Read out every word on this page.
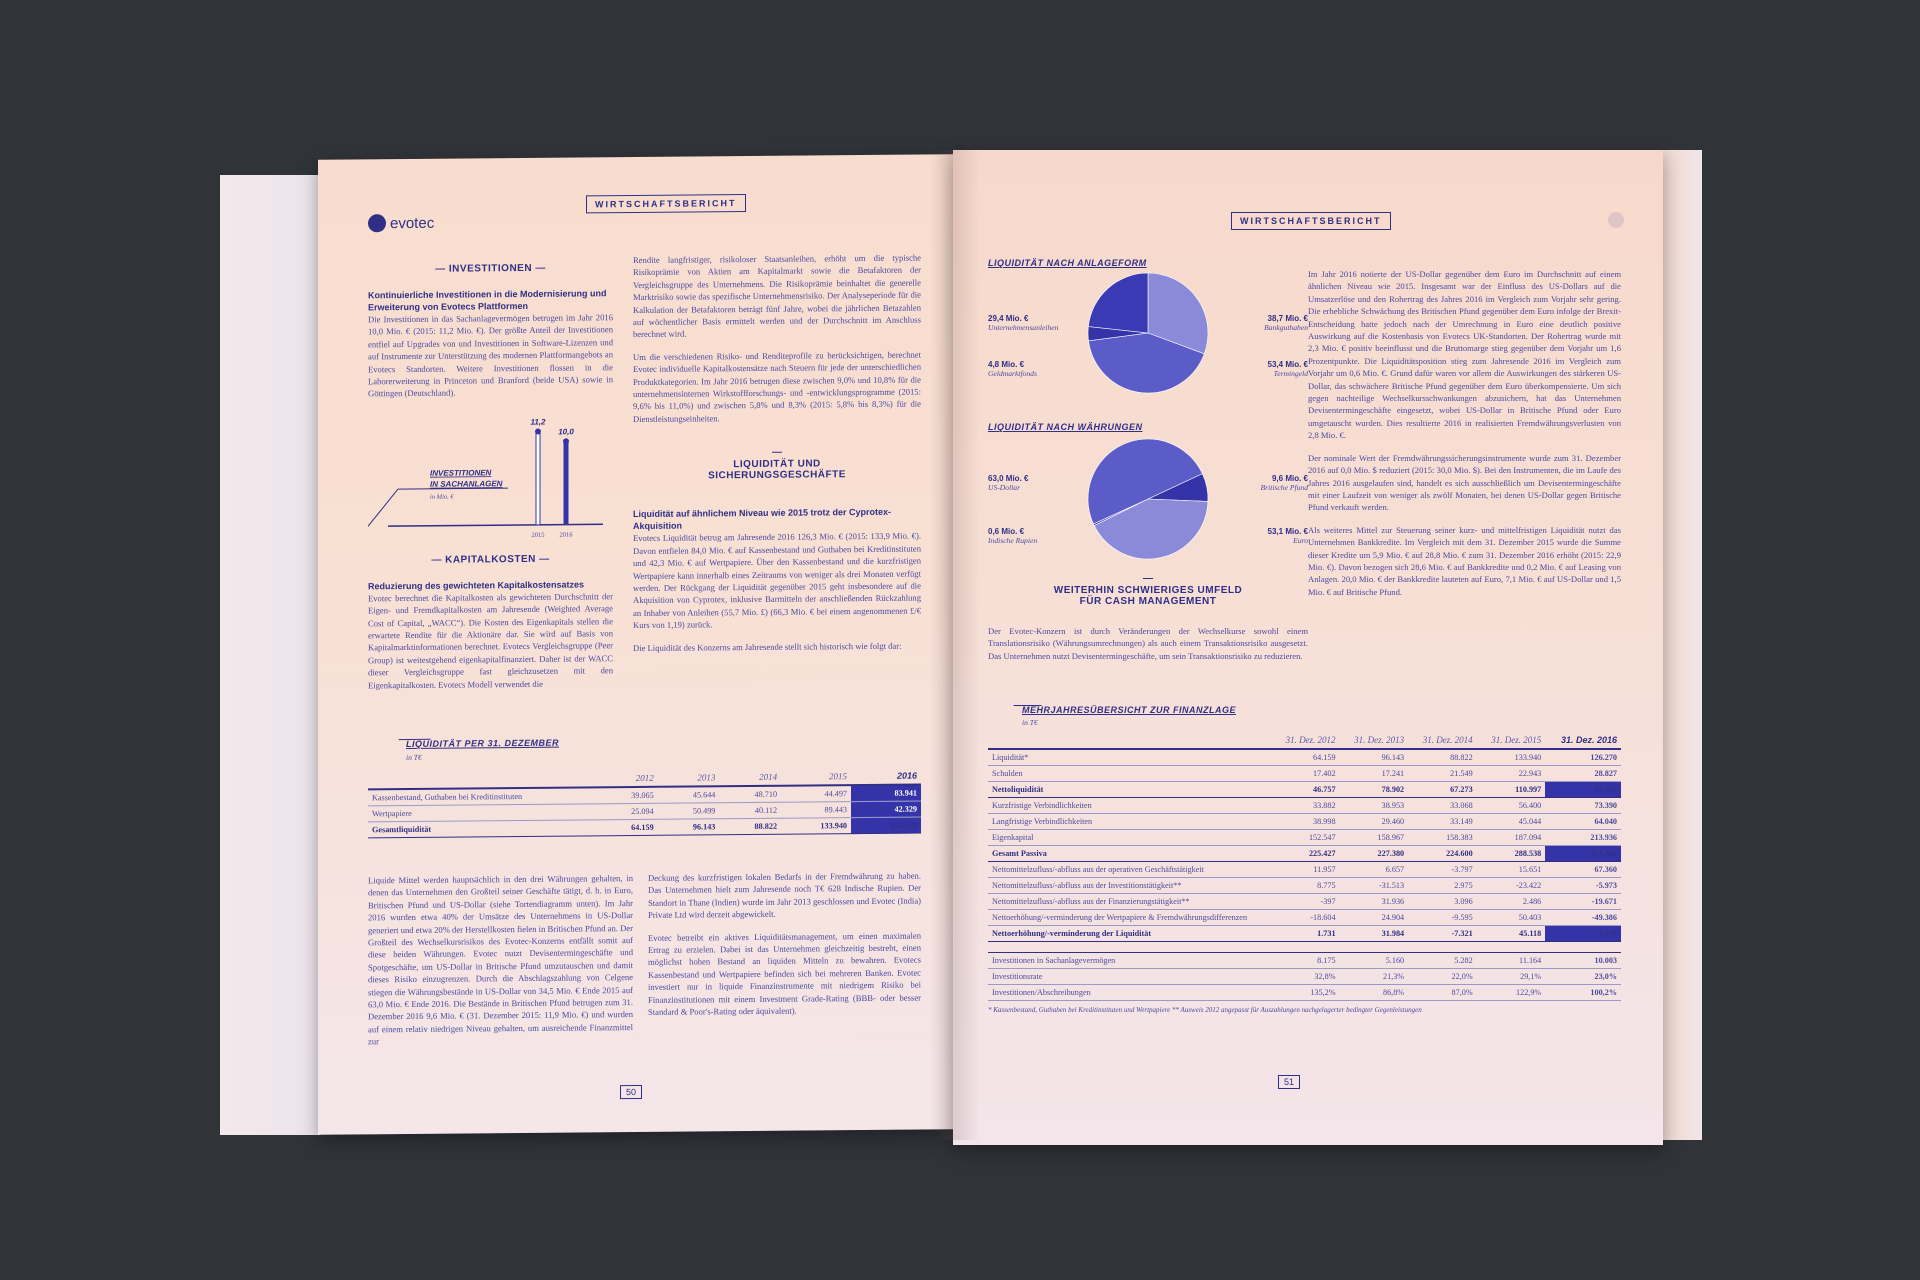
evotec
WIRTSCHAFTSBERICHT
— INVESTITIONEN —
Kontinuierliche Investitionen in die Modernisierung und Erweiterung von Evotecs Plattformen
Die Investitionen in das Sachanlagevermögen betrugen im Jahr 2016 10,0 Mio. € (2015: 11,2 Mio. €). Der größte Anteil der Investitionen entfiel auf Upgrades von und Investitionen in Software-Lizenzen und auf Instrumente zur Unterstützung des modernen Plattformangebots an Evotecs Standorten. Weitere Investitionen flossen in die Laborerweiterung in Princeton und Branford (beide USA) sowie in Göttingen (Deutschland).
INVESTITIONEN
IN SACHANLAGEN
in Mio. €
11,2
2015
10,0
2016
— KAPITALKOSTEN —
Reduzierung des gewichteten Kapitalkostensatzes
Evotec berechnet die Kapitalkosten als gewichteten Durchschnitt der Eigen- und Fremdkapitalkosten am Jahresende (Weighted Average Cost of Capital, „WACC“). Die Kosten des Eigenkapitals stellen die erwartete Rendite für die Aktionäre dar. Sie wird auf Basis von Kapitalmarktinformationen berechnet. Evotecs Vergleichsgruppe (Peer Group) ist weitestgehend eigenkapitalfinanziert. Daher ist der WACC dieser Vergleichsgruppe fast gleichzusetzen mit den Eigenkapitalkosten. Evotecs Modell verwendet die
Rendite langfristiger, risikoloser Staatsanleihen, erhöht um die typische Risikoprämie von Aktien am Kapitalmarkt sowie die Betafaktoren der Vergleichsgruppe des Unternehmens. Die Risikoprämie beinhaltet die generelle Marktrisiko sowie das spezifische Unternehmensrisiko. Der Analyseperiode für die Kalkulation der Betafaktoren beträgt fünf Jahre, wobei die jährlichen Betazahlen auf wöchentlicher Basis ermittelt werden und der Durchschnitt im Anschluss berechnet wird.
Um die verschiedenen Risiko- und Renditeprofile zu berücksichtigen, berechnet Evotec individuelle Kapitalkostensätze nach Steuern für jede der unterschiedlichen Produktkategorien. Im Jahr 2016 betrugen diese zwischen 9,0% und 10,8% für die unternehmensinternen Wirkstoffforschungs- und -entwicklungsprogramme (2015: 9,6% bis 11,0%) und zwischen 5,8% und 8,3% (2015: 5,8% bis 8,3%) für die Dienstleistungseinheiten.
LIQUIDITÄT UND
SICHERUNGSGESCHÄFTE
Liquidität auf ähnlichem Niveau wie 2015 trotz der Cyprotex-Akquisition
Evotecs Liquidität betrug am Jahresende 2016 126,3 Mio. € (2015: 133,9 Mio. €). Davon entfielen 84,0 Mio. € auf Kassenbestand und Guthaben bei Kreditinstituten und 42,3 Mio. € auf Wertpapiere. Über den Kassenbestand und die kurzfristigen Wertpapiere kann innerhalb eines Zeitraums von weniger als drei Monaten verfügt werden. Der Rückgang der Liquidität gegenüber 2015 geht insbesondere auf die Akquisition von Cyprotex, inklusive Barmitteln der anschließenden Rückzahlung an Inhaber von Anleihen (55,7 Mio. £) (66,3 Mio. € bei einem angenommenen £/€ Kurs von 1,19) zurück.
Die Liquidität des Konzerns am Jahresende stellt sich historisch wie folgt dar:
LIQUIDITÄT PER 31. DEZEMBER
in T€
	2012	2013	2014	2015	2016
Kassenbestand, Guthaben bei Kreditinstituten	39.065	45.644	48.710	44.497	83.941
Wertpapiere	25.094	50.499	40.112	89.443	42.329
Gesamtliquidität	64.159	96.143	88.822	133.940	126.270
Liquide Mittel werden hauptsächlich in den drei Währungen gehalten, in denen das Unternehmen den Großteil seiner Geschäfte tätigt, d. h. in Euro, Britischen Pfund und US-Dollar (siehe Tortendiagramm unten). Im Jahr 2016 wurden etwa 40% der Umsätze des Unternehmens in US-Dollar generiert und etwa 20% der Herstellkosten fielen in Britischen Pfund an. Der Großteil des Wechselkursrisikos des Evotec-Konzerns entfällt somit auf diese beiden Währungen. Evotec nutzt Devisentermingeschäfte und Spotgeschäfte, um US-Dollar in Britische Pfund umzutauschen und damit dieses Risiko einzugrenzen. Durch die Abschlagszahlung von Celgene stiegen die Währungsbestände in US-Dollar von 34,5 Mio. € Ende 2015 auf 63,0 Mio. € Ende 2016. Die Bestände in Britischen Pfund betrugen zum 31. Dezember 2016 9,6 Mio. € (31. Dezember 2015: 11,9 Mio. €) und wurden auf einem relativ niedrigen Niveau gehalten, um ausreichende Finanzmittel zur
Deckung des kurzfristigen lokalen Bedarfs in der Fremdwährung zu haben. Das Unternehmen hielt zum Jahresende noch T€ 628 Indische Rupien. Der Standort in Thane (Indien) wurde im Jahr 2013 geschlossen und Evotec (India) Private Ltd wird derzeit abgewickelt.
Evotec betreibt ein aktives Liquiditätsmanagement, um einen maximalen Ertrag zu erzielen. Dabei ist das Unternehmen gleichzeitig bestrebt, einen möglichst hohen Bestand an liquiden Mitteln zu bewahren. Evotecs Kassenbestand und Wertpapiere befinden sich bei mehreren Banken. Evotec investiert nur in liquide Finanzinstrumente mit niedrigem Risiko bei Finanzinstitutionen mit einem Investment Grade-Rating (BBB- oder besser Standard & Poor's-Rating oder äquivalent).
50
WIRTSCHAFTSBERICHT
LIQUIDITÄT NACH ANLAGEFORM
29,4 Mio. €
Unternehmensanleihen
4,8 Mio. €
Geldmarktfonds
38,7 Mio. €
Bankguthaben
53,4 Mio. €
Termingeld
LIQUIDITÄT NACH WÄHRUNGEN
63,0 Mio. €
US-Dollar
0,6 Mio. €
Indische Rupien
9,6 Mio. €
Britische Pfund
53,1 Mio. €
Euro
WEITERHIN SCHWIERIGES UMFELD
FÜR CASH MANAGEMENT
Der Evotec-Konzern ist durch Veränderungen der Wechselkurse sowohl einem Translationsrisiko (Währungsumrechnungen) als auch einem Transaktionsrisiko ausgesetzt. Das Unternehmen nutzt Devisentermingeschäfte, um sein Transaktionsrisiko zu reduzieren.
Im Jahr 2016 notierte der US-Dollar gegenüber dem Euro im Durchschnitt auf einem ähnlichen Niveau wie 2015. Insgesamt war der Einfluss des US-Dollars auf die Umsatzerlöse und den Rohertrag des Jahres 2016 im Vergleich zum Vorjahr sehr gering. Die erhebliche Schwächung des Britischen Pfund gegenüber dem Euro infolge der Brexit-Entscheidung hatte jedoch nach der Umrechnung in Euro eine deutlich positive Auswirkung auf die Kostenbasis von Evotecs UK-Standorten. Der Rohertrag wurde mit 2,3 Mio. € positiv beeinflusst und die Bruttomarge stieg gegenüber dem Vorjahr um 1,6 Prozentpunkte. Die Liquiditätsposition stieg zum Jahresende 2016 im Vergleich zum Vorjahr um 0,6 Mio. €. Grund dafür waren vor allem die Auswirkungen des stärkeren US-Dollar, das schwächere Britische Pfund gegenüber dem Euro überkompensierte. Um sich gegen nachteilige Wechselkursschwankungen abzusichern, hat das Unternehmen Devisentermingeschäfte eingesetzt, wobei US-Dollar in Britische Pfund oder Euro umgetauscht wurden. Dies resultierte 2016 in realisierten Fremdwährungsverlusten von 2,8 Mio. €.
Der nominale Wert der Fremdwährungssicherungsinstrumente wurde zum 31. Dezember 2016 auf 0,0 Mio. $ reduziert (2015: 30,0 Mio. $). Bei den Instrumenten, die im Laufe des Jahres 2016 ausgelaufen sind, handelt es sich ausschließlich um Devisentermingeschäfte mit einer Laufzeit von weniger als zwölf Monaten, bei denen US-Dollar gegen Britische Pfund verkauft werden.
Als weiteres Mittel zur Steuerung seiner kurz- und mittelfristigen Liquidität nutzt das Unternehmen Bankkredite. Im Vergleich mit dem 31. Dezember 2015 wurde die Summe dieser Kredite um 5,9 Mio. € auf 28,8 Mio. € zum 31. Dezember 2016 erhöht (2015: 22,9 Mio. €). Davon bezogen sich 28,6 Mio. € auf Bankkredite und 0,2 Mio. € auf Leasing von Anlagen. 20,0 Mio. € der Bankkredite lauteten auf Euro, 7,1 Mio. € auf US-Dollar und 1,5 Mio. € auf Britische Pfund.
MEHRJAHRESÜBERSICHT ZUR FINANZLAGE
in T€
	31. Dez. 2012	31. Dez. 2013	31. Dez. 2014	31. Dez. 2015	31. Dez. 2016
Liquidität*	64.159	96.143	88.822	133.940	126.270
Schulden	17.402	17.241	21.549	22.943	28.827
Nettoliquidität	46.757	78.902	67.273	110.997	97.443
Kurzfristige Verbindlichkeiten	33.882	38.953	33.068	56.400	73.390
Langfristige Verbindlichkeiten	38.998	29.460	33.149	45.044	64.040
Eigenkapital	152.547	158.967	158.383	187.094	213.936
Gesamt Passiva	225.427	227.380	224.600	288.538	351.366
Nettomittelzufluss/-abfluss aus der operativen Geschäftstätigkeit	11.957	6.657	-3.797	15.651	67.360
Nettomittelzufluss/-abfluss aus der Investitionstätigkeit**	8.775	-31.513	2.975	-23.422	-5.973
Nettomittelzufluss/-abfluss aus der Finanzierungstätigkeit**	-397	31.936	3.096	2.486	-19.671
Nettoerhöhung/-verminderung der Wertpapiere & Fremdwährungsdifferenzen	-18.604	24.904	-9.595	50.403	-49.386
Nettoerhöhung/-verminderung der Liquidität	1.731	31.984	-7.321	45.118	-7.670

Investitionen in Sachanlagevermögen	8.175	5.160	5.282	11.164	10.003
Investitionsrate	32,8%	21,3%	22,0%	29,1%	23,0%
Investitionen/Abschreibungen	135,2%	86,8%	87,0%	122,9%	100,2%
* Kassenbestand, Guthaben bei Kreditinstituten und Wertpapiere ** Ausweis 2012 angepasst für Auszahlungen nachgelagerter bedingter Gegenleistungen
51
